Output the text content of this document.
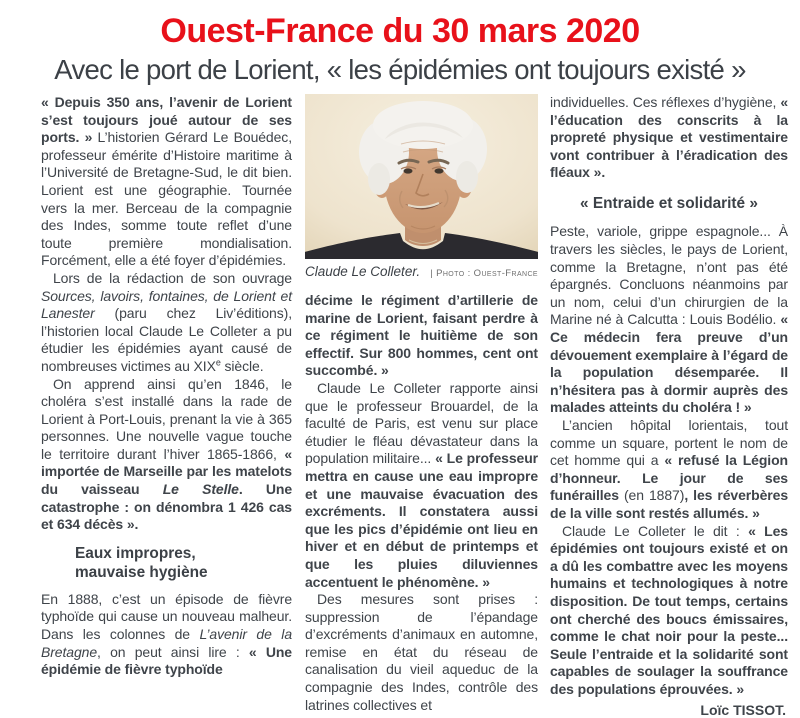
Ouest-France du 30 mars 2020
Avec le port de Lorient, « les épidémies ont toujours existé »

« Depuis 350 ans, l’avenir de Lorient s’est toujours joué autour de ses ports. » L’historien Gérard Le Bouédec, professeur émérite d’Histoire maritime à l’Université de Bretagne-Sud, le dit bien. Lorient est une géographie. Tournée vers la mer. Berceau de la compagnie des Indes, somme toute reflet d’une toute première mondialisation. Forcément, elle a été foyer d’épidémies.

Lors de la rédaction de son ouvrage Sources, lavoirs, fontaines, de Lorient et Lanester (paru chez Liv’éditions), l’historien local Claude Le Colleter a pu étudier les épidémies ayant causé de nombreuses victimes au XIXe siècle.

On apprend ainsi qu’en 1846, le choléra s’est installé dans la rade de Lorient à Port-Louis, prenant la vie à 365 personnes. Une nouvelle vague touche le territoire durant l’hiver 1865-1866, « importée de Marseille par les matelots du vaisseau Le Stelle. Une catastrophe : on dénombra 1 426 cas et 634 décès ».

Eaux impropres,
mauvaise hygiène

En 1888, c’est un épisode de fièvre typhoïde qui cause un nouveau malheur. Dans les colonnes de L’avenir de la Bretagne, on peut ainsi lire : « Une épidémie de fièvre typhoïde

Claude Le Colleter. | Photo : Ouest-France

décime le régiment d’artillerie de marine de Lorient, faisant perdre à ce régiment le huitième de son effectif. Sur 800 hommes, cent ont succombé. »

Claude Le Colleter rapporte ainsi que le professeur Brouardel, de la faculté de Paris, est venu sur place étudier le fléau dévastateur dans la population militaire... « Le professeur mettra en cause une eau impropre et une mauvaise évacuation des excréments. Il constatera aussi que les pics d’épidémie ont lieu en hiver et en début de printemps et que les pluies diluviennes accentuent le phénomène. »

Des mesures sont prises : suppression de l’épandage d’excréments d’animaux en automne, remise en état du réseau de canalisation du vieil aqueduc de la compagnie des Indes, contrôle des latrines collectives et

individuelles. Ces réflexes d’hygiène, « l’éducation des conscrits à la propreté physique et vestimentaire vont contribuer à l’éradication des fléaux ».

« Entraide et solidarité »

Peste, variole, grippe espagnole... À travers les siècles, le pays de Lorient, comme la Bretagne, n’ont pas été épargnés. Concluons néanmoins par un nom, celui d’un chirurgien de la Marine né à Calcutta : Louis Bodélio. « Ce médecin fera preuve d’un dévouement exemplaire à l’égard de la population désemparée. Il n’hésitera pas à dormir auprès des malades atteints du choléra ! »

L’ancien hôpital lorientais, tout comme un square, portent le nom de cet homme qui a « refusé la Légion d’honneur. Le jour de ses funérailles (en 1887), les réverbères de la ville sont restés allumés. »

Claude Le Colleter le dit : « Les épidémies ont toujours existé et on a dû les combattre avec les moyens humains et technologiques à notre disposition. De tout temps, certains ont cherché des boucs émissaires, comme le chat noir pour la peste... Seule l’entraide et la solidarité sont capables de soulager la souffrance des populations éprouvées. »

Loïc TISSOT.
